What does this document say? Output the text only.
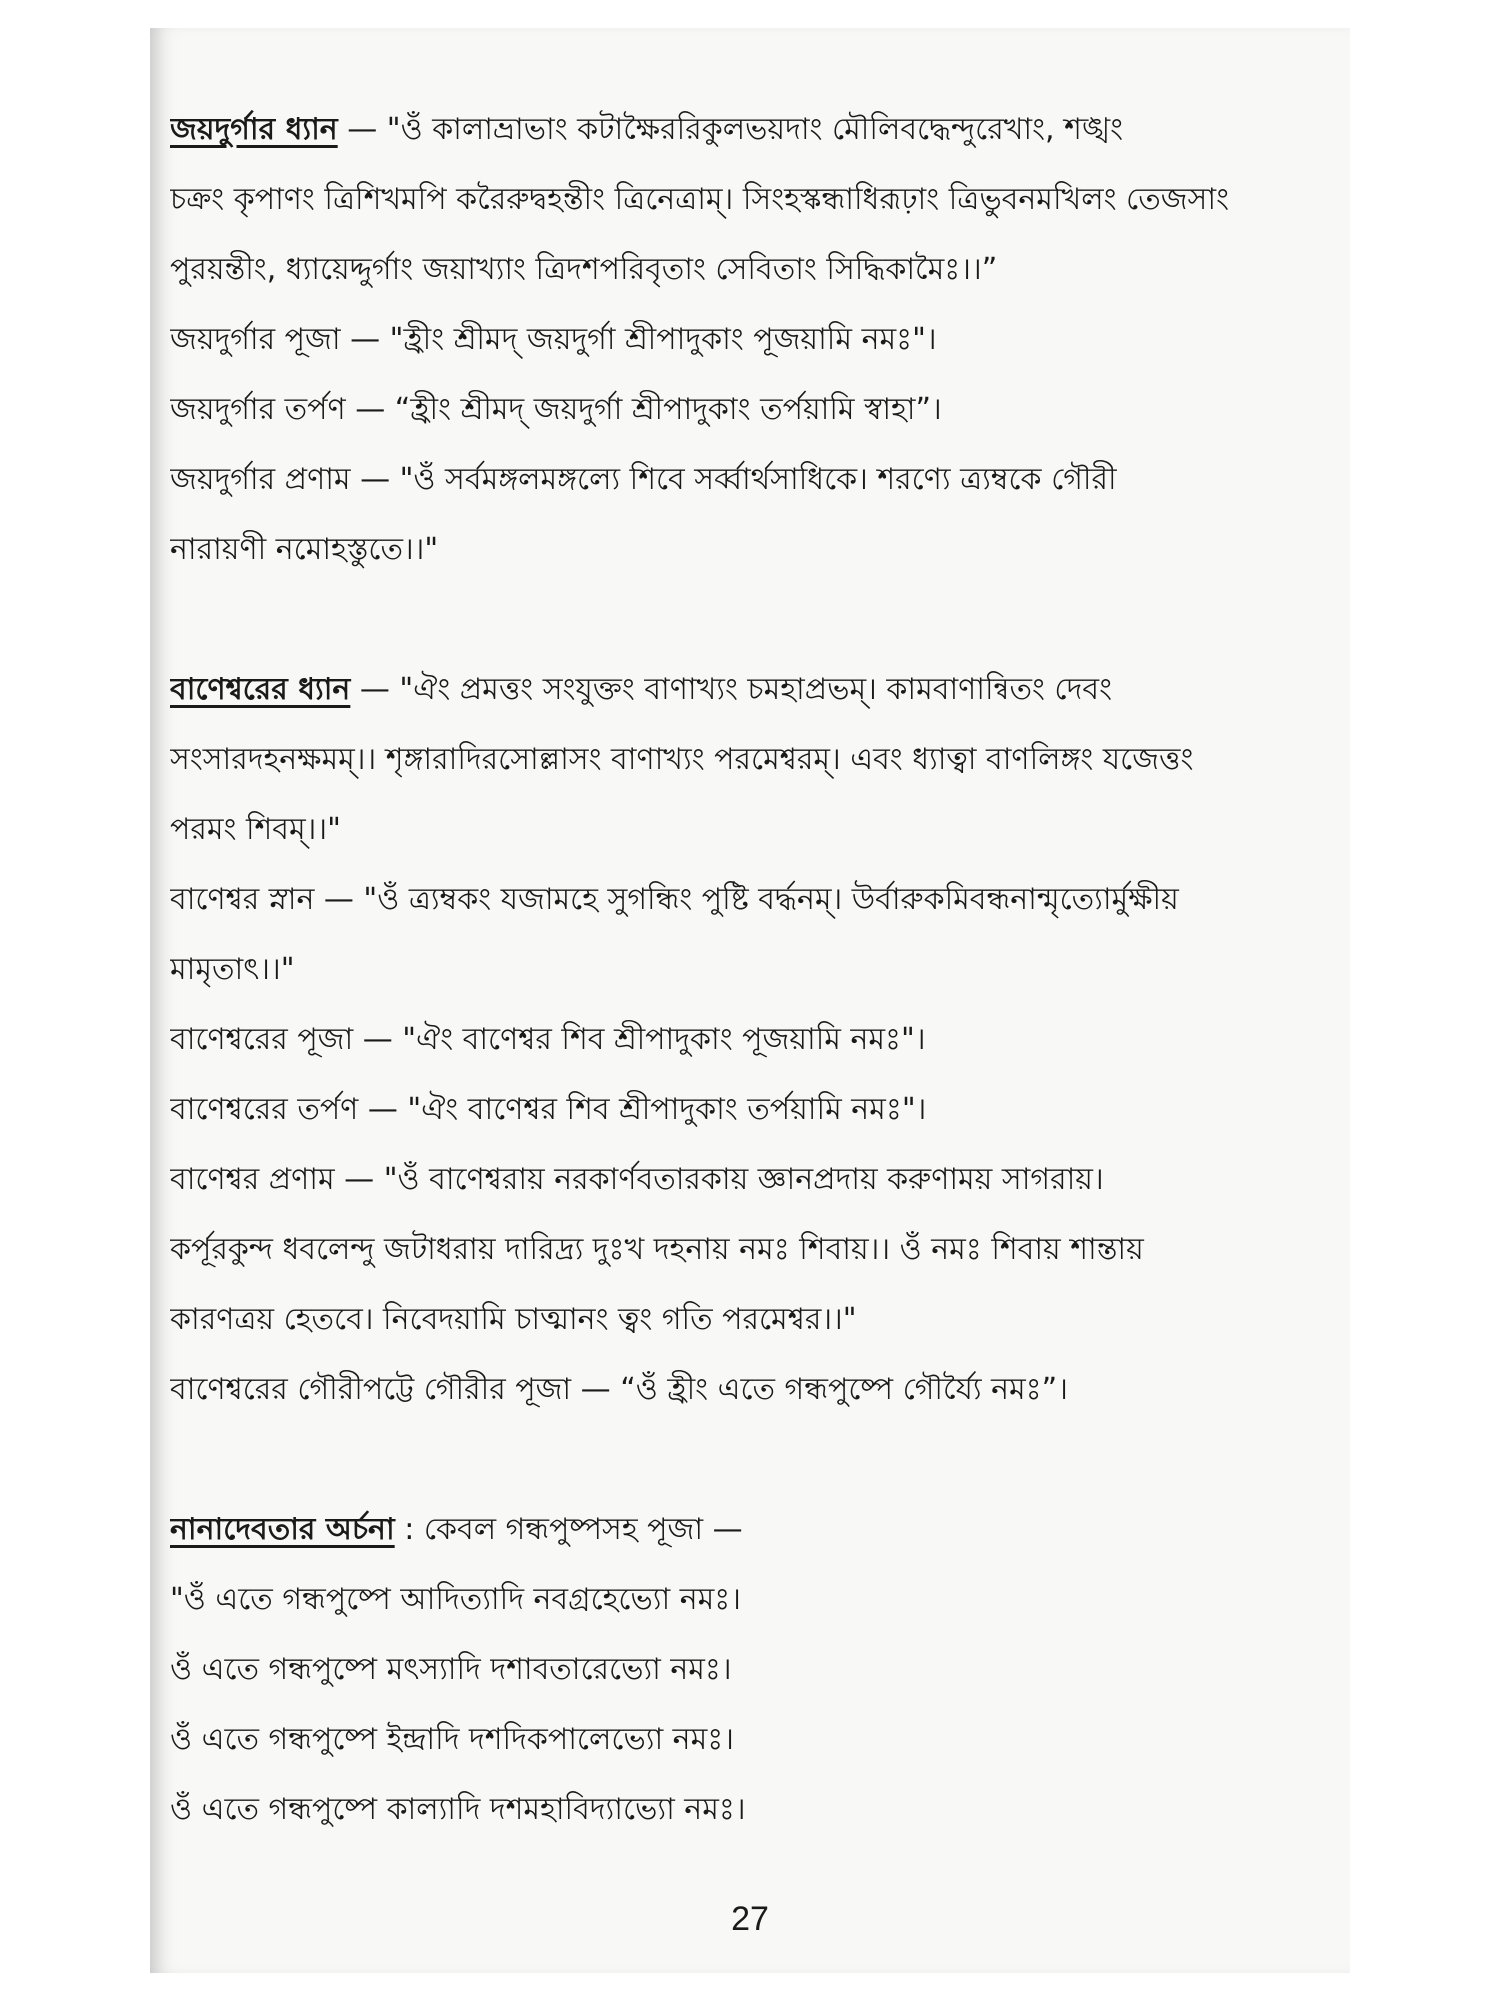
জয়দুর্গার ধ্যান — "ওঁ কালাভ্রাভাং কটাক্ষৈররিকুলভয়দাং মৌলিবদ্ধেন্দুরেখাং, শঙ্খং
চক্রং কৃপাণং ত্রিশিখমপি করৈরুদ্বহন্তীং ত্রিনেত্রাম্। সিংহস্কন্ধাধিরূঢ়াং ত্রিভুবনমখিলং তেজসাং
পুরয়ন্তীং, ধ্যায়েদ্দুর্গাং জয়াখ্যাং ত্রিদশপরিবৃতাং সেবিতাং সিদ্ধিকামৈঃ।।”
জয়দুর্গার পূজা — "হ্রীং শ্রীমদ্ জয়দুর্গা শ্রীপাদুকাং পূজয়ামি নমঃ"।
জয়দুর্গার তর্পণ — “হ্রীং শ্রীমদ্ জয়দুর্গা শ্রীপাদুকাং তর্পয়ামি স্বাহা”।
জয়দুর্গার প্রণাম — "ওঁ সর্বমঙ্গলমঙ্গল্যে শিবে সর্ব্বার্থসাধিকে। শরণ্যে ত্র্যম্বকে গৌরী
নারায়ণী নমোহস্তুতে।।"
বাণেশ্বরের ধ্যান — "ঐং প্রমত্তং সংযুক্তং বাণাখ্যং চমহাপ্রভম্। কামবাণান্বিতং দেবং
সংসারদহনক্ষমম্।। শৃঙ্গারাদিরসোল্লাসং বাণাখ্যং পরমেশ্বরম্। এবং ধ্যাত্বা বাণলিঙ্গং যজেত্তং
পরমং শিবম্।।"
বাণেশ্বর স্নান — "ওঁ ত্র্যম্বকং যজামহে সুগন্ধিং পুষ্টি বর্দ্ধনম্। উর্বারুকমিবন্ধনান্মৃত্যোর্মুক্ষীয়
মামৃতাৎ।।"
বাণেশ্বরের পূজা — "ঐং বাণেশ্বর শিব শ্রীপাদুকাং পূজয়ামি নমঃ"।
বাণেশ্বরের তর্পণ — "ঐং বাণেশ্বর শিব শ্রীপাদুকাং তর্পয়ামি নমঃ"।
বাণেশ্বর প্রণাম — "ওঁ বাণেশ্বরায় নরকার্ণবতারকায় জ্ঞানপ্রদায় করুণাময় সাগরায়।
কর্পূরকুন্দ ধবলেন্দু জটাধরায় দারিদ্র্য দুঃখ দহনায় নমঃ শিবায়।। ওঁ নমঃ শিবায় শান্তায়
কারণত্রয় হেতবে। নিবেদয়ামি চাত্মানং ত্বং গতি পরমেশ্বর।।"
বাণেশ্বরের গৌরীপট্টে গৌরীর পূজা — “ওঁ হ্রীং এতে গন্ধপুষ্পে গৌর্য্যৈ নমঃ”।
নানাদেবতার অর্চনা : কেবল গন্ধপুষ্পসহ পূজা —
"ওঁ এতে গন্ধপুষ্পে আদিত্যাদি নবগ্রহেভ্যো নমঃ।
ওঁ এতে গন্ধপুষ্পে মৎস্যাদি দশাবতারেভ্যো নমঃ।
ওঁ এতে গন্ধপুষ্পে ইন্দ্রাদি দশদিকপালেভ্যো নমঃ।
ওঁ এতে গন্ধপুষ্পে কাল্যাদি দশমহাবিদ্যাভ্যো নমঃ।
27
